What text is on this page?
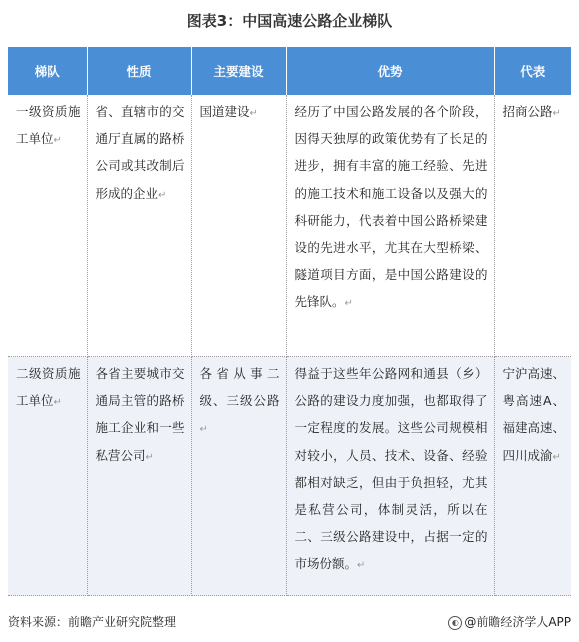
图表3：中国高速公路企业梯队
梯队	性质	主要建设	优势	代表
一级资质施工单位↵	省、直辖市的交通厅直属的路桥公司或其改制后形成的企业↵	国道建设↵	经历了中国公路发展的各个阶段，因得天独厚的政策优势有了长足的进步，拥有丰富的施工经验、先进的施工技术和施工设备以及强大的科研能力，代表着中国公路桥梁建设的先进水平，尤其在大型桥梁、隧道项目方面，是中国公路建设的先锋队。↵	招商公路↵
二级资质施工单位↵	各省主要城市交通局主管的路桥施工企业和一些私营公司↵	各省从事二级、三级公路↵	得益于这些年公路网和通县（乡）公路的建设力度加强，也都取得了一定程度的发展。这些公司规模相对较小，人员、技术、设备、经验都相对缺乏，但由于负担轻，尤其是私营公司，体制灵活，所以在二、三级公路建设中，占据一定的市场份额。↵	宁沪高速、粤高速A、福建高速、四川成渝↵
资料来源：前瞻产业研究院整理	◐ @前瞻经济学人APP
